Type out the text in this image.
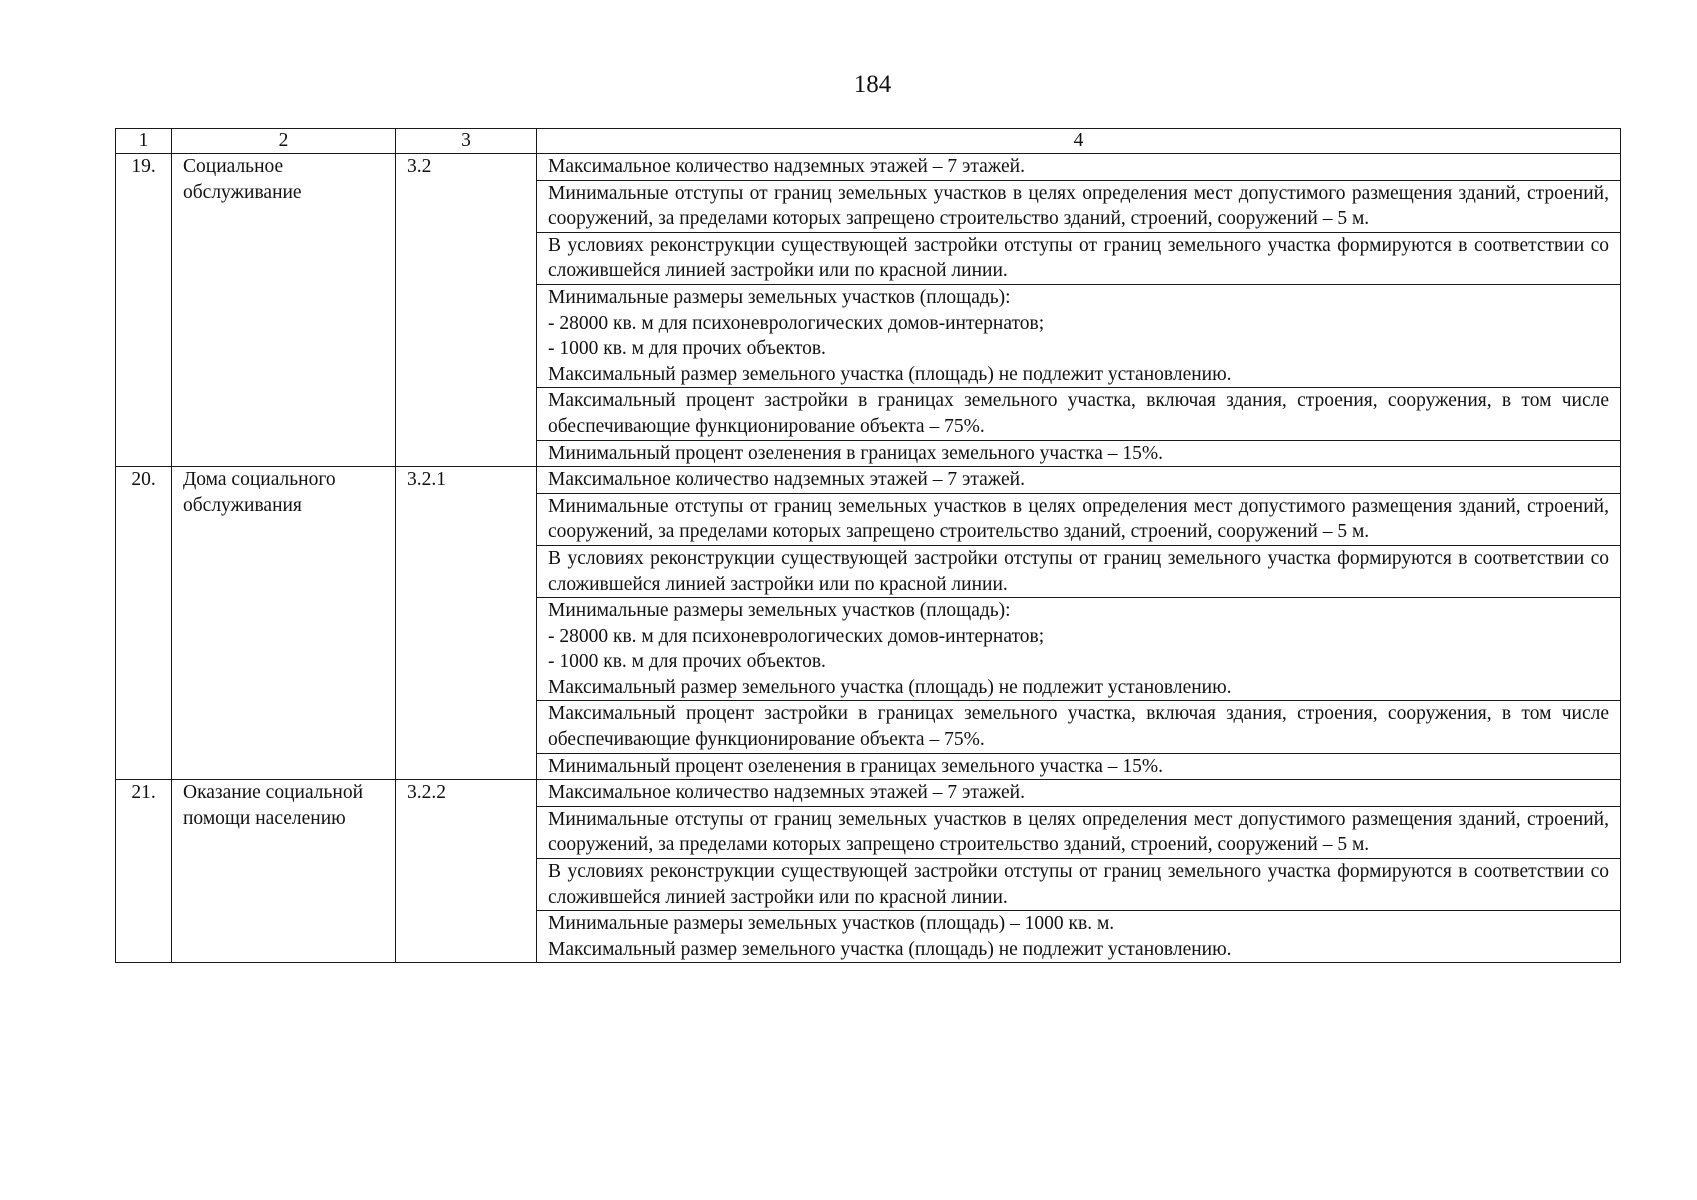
184
1	2	3	4
19.	Социальное обслуживание	3.2	Максимальное количество надземных этажей – 7 этажей.
			Минимальные отступы от границ земельных участков в целях определения мест допустимого размещения зданий, строений, сооружений, за пределами которых запрещено строительство зданий, строений, сооружений – 5 м.
			В условиях реконструкции существующей застройки отступы от границ земельного участка формируются в соответствии со сложившейся линией застройки или по красной линии.

			Минимальные размеры земельных участков (площадь):
- 28000 кв. м для психоневрологических домов-интернатов;
- 1000 кв. м для прочих объектов.
Максимальный размер земельного участка (площадь) не подлежит установлению.

			Максимальный процент застройки в границах земельного участка, включая здания, строения, сооружения, в том числе обеспечивающие функционирование объекта – 75%.
			Минимальный процент озеленения в границах земельного участка – 15%.
20.	Дома социального обслуживания	3.2.1	Максимальное количество надземных этажей – 7 этажей.
			Минимальные отступы от границ земельных участков в целях определения мест допустимого размещения зданий, строений, сооружений, за пределами которых запрещено строительство зданий, строений, сооружений – 5 м.
			В условиях реконструкции существующей застройки отступы от границ земельного участка формируются в соответствии со сложившейся линией застройки или по красной линии.

			Минимальные размеры земельных участков (площадь):
- 28000 кв. м для психоневрологических домов-интернатов;
- 1000 кв. м для прочих объектов.
Максимальный размер земельного участка (площадь) не подлежит установлению.

			Максимальный процент застройки в границах земельного участка, включая здания, строения, сооружения, в том числе обеспечивающие функционирование объекта – 75%.
			Минимальный процент озеленения в границах земельного участка – 15%.
21.	Оказание социальной помощи населению	3.2.2	Максимальное количество надземных этажей – 7 этажей.
			Минимальные отступы от границ земельных участков в целях определения мест допустимого размещения зданий, строений, сооружений, за пределами которых запрещено строительство зданий, строений, сооружений – 5 м.
			В условиях реконструкции существующей застройки отступы от границ земельного участка формируются в соответствии со сложившейся линией застройки или по красной линии.

			Минимальные размеры земельных участков (площадь) – 1000 кв. м.
Максимальный размер земельного участка (площадь) не подлежит установлению.
